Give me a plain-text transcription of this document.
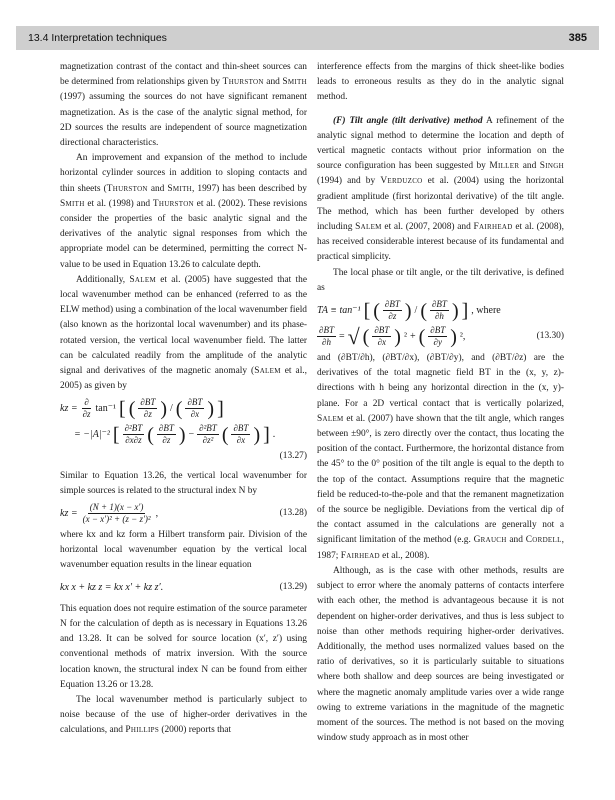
13.4 Interpretation techniques	385

magnetization contrast of the contact and thin-sheet sources can be determined from relationships given by Thurston and Smith (1997) assuming the sources do not have significant remanent magnetization. As is the case of the analytic signal method, for 2D sources the results are independent of source magnetization directional characteristics.

An improvement and expansion of the method to include horizontal cylinder sources in addition to sloping contacts and thin sheets (Thurston and Smith, 1997) has been described by Smith et al. (1998) and Thurston et al. (2002). These revisions consider the properties of the basic analytic signal and the derivatives of the analytic signal responses from which the appropriate model can be determined, permitting the correct N-value to be used in Equation 13.26 to calculate depth.

Additionally, Salem et al. (2005) have suggested that the local wavenumber method can be enhanced (referred to as the ELW method) using a combination of the local wavenumber field (also known as the horizontal local wavenumber) and its phase-rotated version, the vertical local wavenumber field. The latter can be calculated readily from the amplitude of the analytic signal and derivatives of the magnetic anomaly (Salem et al., 2005) as given by

kz = $\frac{\partial}{\partial z} \tan^{-1}$ [ ( $\frac{\partial BT}{\partial z}$ ) / ( $\frac{\partial BT}{\partial x}$ ) ]
= −|A|⁻² [ $\frac{\text{∂²BT}}{\partial x\partial z}$ ( $\frac{\partial BT}{\partial z}$ ) − $\frac{\text{∂²BT}}{\text{∂z²}}$ ( $\frac{\partial BT}{\partial x}$ ) ] .
(13.27)

Similar to Equation 13.26, the vertical local wavenumber for simple sources is related to the structural index N by

kz = $\frac{(N + 1)(x - x')}{\text{(x − x′)² + (z − z′)²}}$ ,	(13.28)

where kx and kz form a Hilbert transform pair. Division of the horizontal local wavenumber equation by the vertical local wavenumber equation results in the linear equation

kx x + kz z = kx x′ + kz z′.	(13.29)

This equation does not require estimation of the source parameter N for the calculation of depth as is necessary in Equations 13.26 and 13.28. It can be solved for source location (x′, z′) using conventional methods of matrix inversion. With the source location known, the structural index N can be found from either Equation 13.26 or 13.28.

The local wavenumber method is particularly subject to noise because of the use of higher-order derivatives in the calculations, and Phillips (2000) reports that

interference effects from the margins of thick sheet-like bodies leads to erroneous results as they do in the analytic signal method.

(F) Tilt angle (tilt derivative) method A refinement of the analytic signal method to determine the location and depth of vertical magnetic contacts without prior information on the source configuration has been suggested by Miller and Singh (1994) and by Verduzco et al. (2004) using the horizontal gradient amplitude (first horizontal derivative) of the tilt angle. The method, which has been further developed by others including Salem et al. (2007, 2008) and Fairhead et al. (2008), has received considerable interest because of its fundamental and practical simplicity.

The local phase or tilt angle, or the tilt derivative, is defined as

TA ≡ tan⁻¹ [ ( $\frac{\partial BT}{\partial z}$ ) / ( $\frac{\partial BT}{\partial h}$ ) ] , where
$\frac{\partial BT}{\partial h}$ = √ ( $\frac{\partial BT}{\partial x}$ ) ² + ( $\frac{\partial BT}{\partial y}$ ) ²,	(13.30)

and (∂BT/∂h), (∂BT/∂x), (∂BT/∂y), and (∂BT/∂z) are the derivatives of the total magnetic field BT in the (x, y, z)-directions with h being any horizontal direction in the (x, y)-plane. For a 2D vertical contact that is vertically polarized, Salem et al. (2007) have shown that the tilt angle, which ranges between ±90°, is zero directly over the contact, thus locating the position of the contact. Furthermore, the horizontal distance from the 45° to the 0° position of the tilt angle is equal to the depth to the top of the contact. Assumptions require that the magnetic field be reduced-to-the-pole and that the remanent magnetization of the source be negligible. Deviations from the vertical dip of the contact assumed in the calculations are generally not a significant limitation of the method (e.g. Grauch and Cordell, 1987; Fairhead et al., 2008).

Although, as is the case with other methods, results are subject to error where the anomaly patterns of contacts interfere with each other, the method is advantageous because it is not dependent on higher-order derivatives, and thus is less subject to noise than other methods requiring higher-order derivatives. Additionally, the method uses normalized values based on the ratio of derivatives, so it is particularly suitable to situations where both shallow and deep sources are being investigated or where the magnetic anomaly amplitude varies over a wide range owing to extreme variations in the magnitude of the magnetic moment of the sources. The method is not based on the moving window study approach as in most other
